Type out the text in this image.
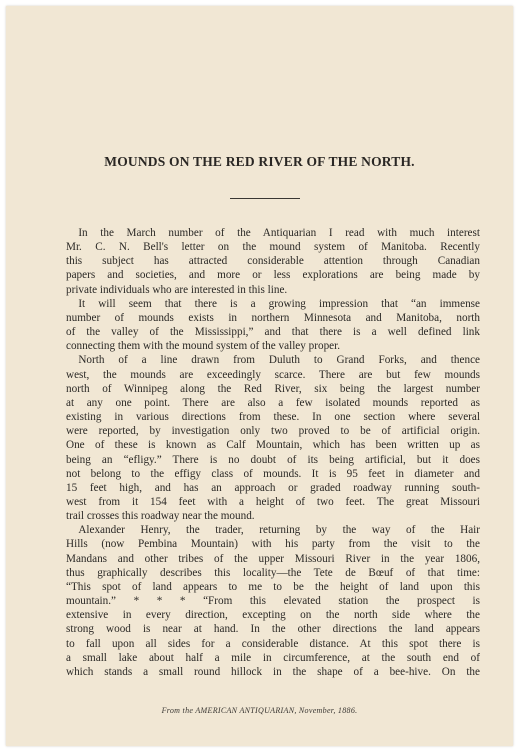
MOUNDS ON THE RED RIVER OF THE NORTH.

In the March number of the Antiquarian I read with much interest
Mr. C. N. Bell's letter on the mound system of Manitoba. Recently
this subject has attracted considerable attention through Canadian
papers and societies, and more or less explorations are being made by
private individuals who are interested in this line.

It will seem that there is a growing impression that “an immense
number of mounds exists in northern Minnesota and Manitoba, north
of the valley of the Mississippi,” and that there is a well defined link
connecting them with the mound system of the valley proper.

North of a line drawn from Duluth to Grand Forks, and thence
west, the mounds are exceedingly scarce. There are but few mounds
north of Winnipeg along the Red River, six being the largest number
at any one point. There are also a few isolated mounds reported as
existing in various directions from these. In one section where several
were reported, by investigation only two proved to be of artificial origin.
One of these is known as Calf Mountain, which has been written up as
being an “efligy.” There is no doubt of its being artificial, but it does
not belong to the effigy class of mounds. It is 95 feet in diameter and
15 feet high, and has an approach or graded roadway running south-
west from it 154 feet with a height of two feet. The great Missouri
trail crosses this roadway near the mound.

Alexander Henry, the trader, returning by the way of the Hair
Hills (now Pembina Mountain) with his party from the visit to the
Mandans and other tribes of the upper Missouri River in the year 1806,
thus graphically describes this locality—the Tete de Bœuf of that time:
“This spot of land appears to me to be the height of land upon this
mountain.” * * * “From this elevated station the prospect is
extensive in every direction, excepting on the north side where the
strong wood is near at hand. In the other directions the land appears
to fall upon all sides for a considerable distance. At this spot there is
a small lake about half a mile in circumference, at the south end of
which stands a small round hillock in the shape of a bee-hive. On the

From the AMERICAN ANTIQUARIAN, November, 1886.
